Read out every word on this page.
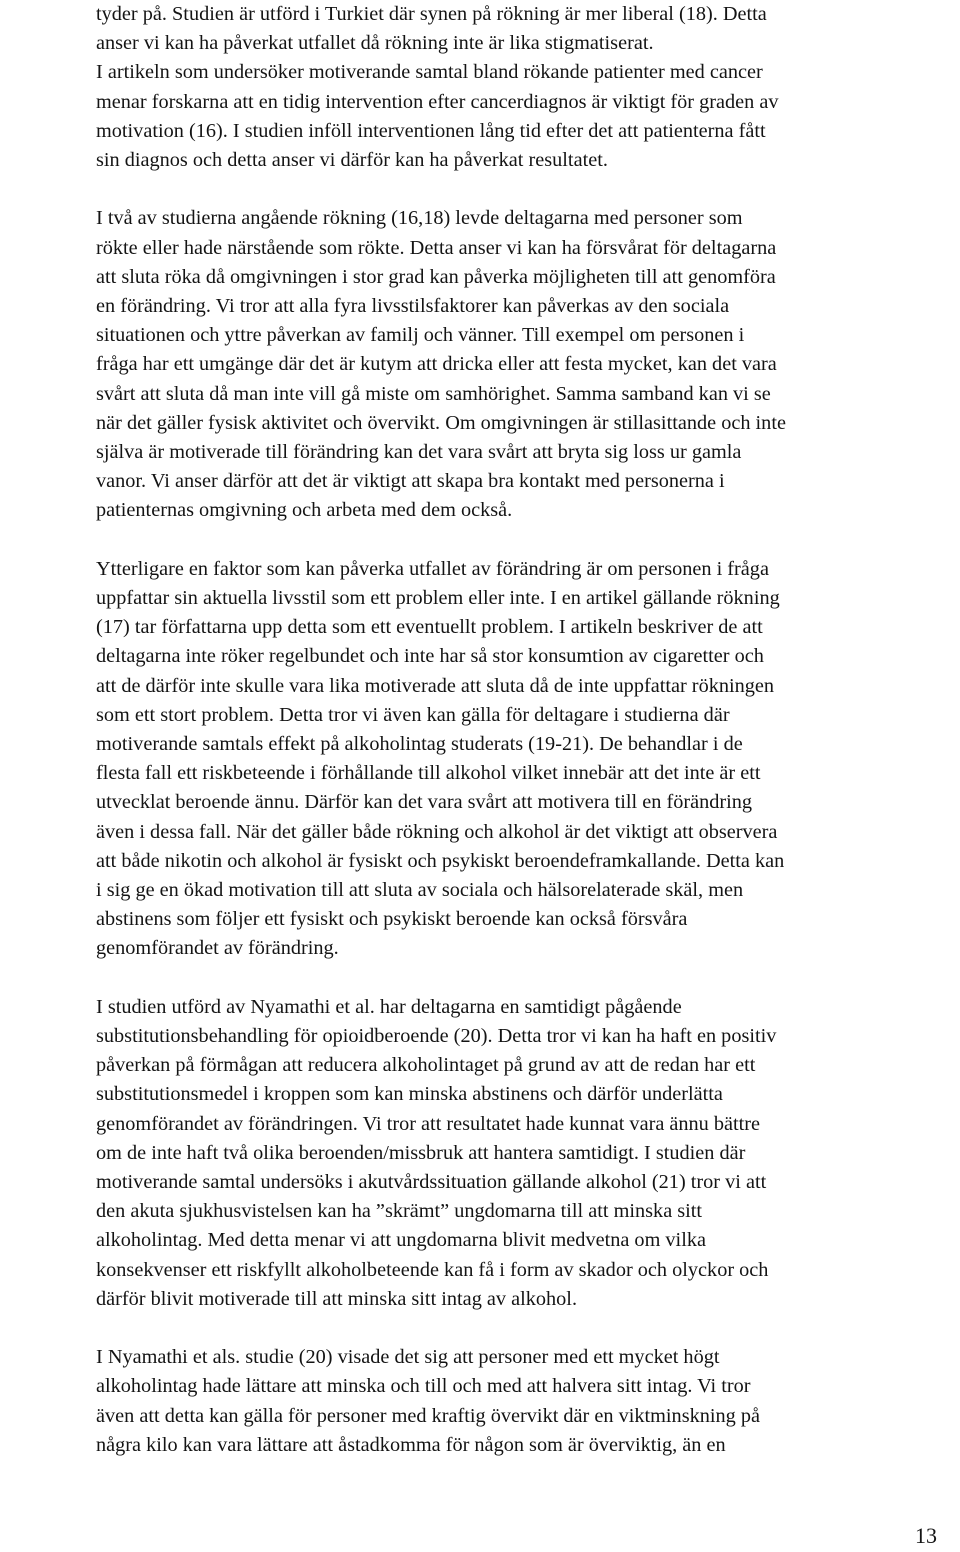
tyder på. Studien är utförd i Turkiet där synen på rökning är mer liberal (18). Detta
anser vi kan ha påverkat utfallet då rökning inte är lika stigmatiserat.
I artikeln som undersöker motiverande samtal bland rökande patienter med cancer
menar forskarna att en tidig intervention efter cancerdiagnos är viktigt för graden av
motivation (16). I studien inföll interventionen lång tid efter det att patienterna fått
sin diagnos och detta anser vi därför kan ha påverkat resultatet.

I två av studierna angående rökning (16,18) levde deltagarna med personer som
rökte eller hade närstående som rökte. Detta anser vi kan ha försvårat för deltagarna
att sluta röka då omgivningen i stor grad kan påverka möjligheten till att genomföra
en förändring. Vi tror att alla fyra livsstilsfaktorer kan påverkas av den sociala
situationen och yttre påverkan av familj och vänner. Till exempel om personen i
fråga har ett umgänge där det är kutym att dricka eller att festa mycket, kan det vara
svårt att sluta då man inte vill gå miste om samhörighet. Samma samband kan vi se
när det gäller fysisk aktivitet och övervikt. Om omgivningen är stillasittande och inte
själva är motiverade till förändring kan det vara svårt att bryta sig loss ur gamla
vanor. Vi anser därför att det är viktigt att skapa bra kontakt med personerna i
patienternas omgivning och arbeta med dem också.

Ytterligare en faktor som kan påverka utfallet av förändring är om personen i fråga
uppfattar sin aktuella livsstil som ett problem eller inte. I en artikel gällande rökning
(17) tar författarna upp detta som ett eventuellt problem. I artikeln beskriver de att
deltagarna inte röker regelbundet och inte har så stor konsumtion av cigaretter och
att de därför inte skulle vara lika motiverade att sluta då de inte uppfattar rökningen
som ett stort problem. Detta tror vi även kan gälla för deltagare i studierna där
motiverande samtals effekt på alkoholintag studerats (19-21). De behandlar i de
flesta fall ett riskbeteende i förhållande till alkohol vilket innebär att det inte är ett
utvecklat beroende ännu. Därför kan det vara svårt att motivera till en förändring
även i dessa fall. När det gäller både rökning och alkohol är det viktigt att observera
att både nikotin och alkohol är fysiskt och psykiskt beroendeframkallande. Detta kan
i sig ge en ökad motivation till att sluta av sociala och hälsorelaterade skäl, men
abstinens som följer ett fysiskt och psykiskt beroende kan också försvåra
genomförandet av förändring.

I studien utförd av Nyamathi et al. har deltagarna en samtidigt pågående
substitutionsbehandling för opioidberoende (20). Detta tror vi kan ha haft en positiv
påverkan på förmågan att reducera alkoholintaget på grund av att de redan har ett
substitutionsmedel i kroppen som kan minska abstinens och därför underlätta
genomförandet av förändringen. Vi tror att resultatet hade kunnat vara ännu bättre
om de inte haft två olika beroenden/missbruk att hantera samtidigt. I studien där
motiverande samtal undersöks i akutvårdssituation gällande alkohol (21) tror vi att
den akuta sjukhusvistelsen kan ha ”skrämt” ungdomarna till att minska sitt
alkoholintag. Med detta menar vi att ungdomarna blivit medvetna om vilka
konsekvenser ett riskfyllt alkoholbeteende kan få i form av skador och olyckor och
därför blivit motiverade till att minska sitt intag av alkohol.

I Nyamathi et als. studie (20) visade det sig att personer med ett mycket högt
alkoholintag hade lättare att minska och till och med att halvera sitt intag. Vi tror
även att detta kan gälla för personer med kraftig övervikt där en viktminskning på
några kilo kan vara lättare att åstadkomma för någon som är överviktig, än en

13
